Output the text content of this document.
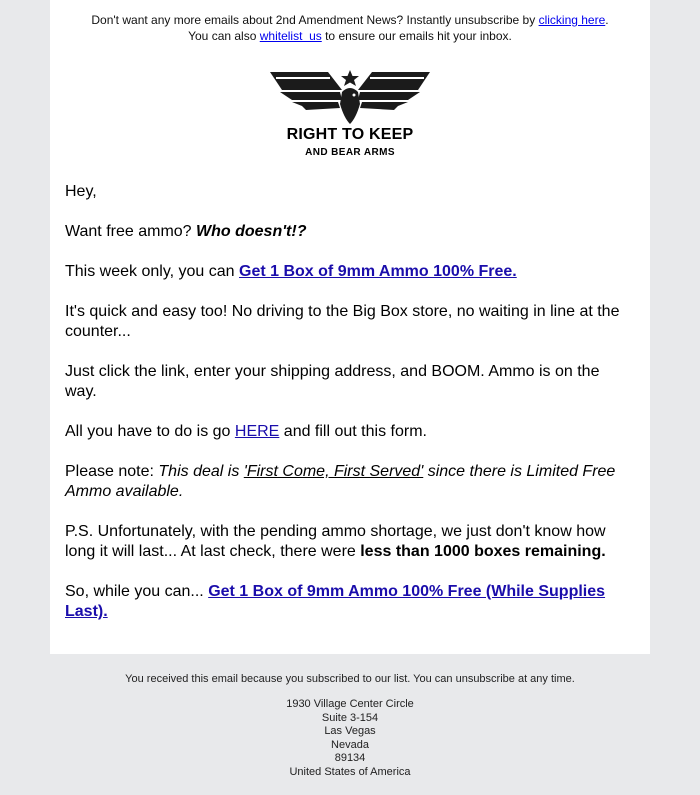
Don't want any more emails about 2nd Amendment News? Instantly unsubscribe by clicking here.
You can also whitelist  us to ensure our emails hit your inbox.
RIGHT TO KEEP
AND BEAR ARMS

Hey,

Want free ammo? Who doesn't!?

This week only, you can Get 1 Box of 9mm Ammo 100% Free.

It's quick and easy too! No driving to the Big Box store, no waiting in line at the counter...

Just click the link, enter your shipping address, and BOOM. Ammo is on the way.

All you have to do is go HERE and fill out this form.

Please note: This deal is 'First Come, First Served' since there is Limited Free Ammo available.

P.S. Unfortunately, with the pending ammo shortage, we just don't know how long it will last... At last check, there were less than 1000 boxes remaining.

So, while you can... Get 1 Box of 9mm Ammo 100% Free (While Supplies Last).

You received this email because you subscribed to our list. You can unsubscribe at any time.
1930 Village Center Circle
Suite 3-154
Las Vegas
Nevada
89134
United States of America
